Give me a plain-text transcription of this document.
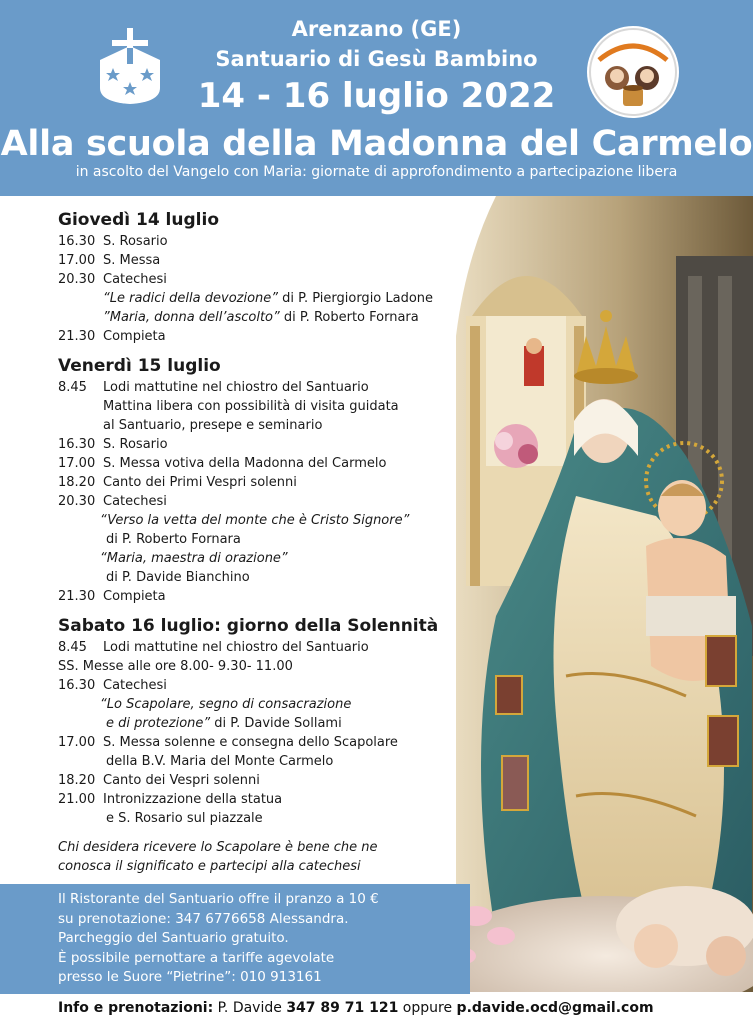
Arenzano (GE)
Santuario di Gesù Bambino
14 - 16 luglio 2022
Alla scuola della Madonna del Carmelo
in ascolto del Vangelo con Maria: giornate di approfondimento a partecipazione libera
Giovedì 14 luglio
16.30 S. Rosario
17.00 S. Messa
20.30 Catechesi
“Le radici della devozione” di P. Piergiorgio Ladone
”Maria, donna dell’ascolto” di P. Roberto Fornara
21.30 Compieta
Venerdì 15 luglio
8.45 Lodi mattutine nel chiostro del Santuario
Mattina libera con possibilità di visita guidata
al Santuario, presepe e seminario
16.30 S. Rosario
17.00 S. Messa votiva della Madonna del Carmelo
18.20 Canto dei Primi Vespri solenni
20.30 Catechesi
“Verso la vetta del monte che è Cristo Signore”
di P. Roberto Fornara
“Maria, maestra di orazione”
di P. Davide Bianchino
21.30 Compieta
Sabato 16 luglio: giorno della Solennità
8.45 Lodi mattutine nel chiostro del Santuario
SS. Messe alle ore 8.00- 9.30- 11.00
16.30 Catechesi
“Lo Scapolare, segno di consacrazione
e di protezione” di P. Davide Sollami
17.00 S. Messa solenne e consegna dello Scapolare
della B.V. Maria del Monte Carmelo
18.20 Canto dei Vespri solenni
21.00 Intronizzazione della statua
e S. Rosario sul piazzale
Chi desidera ricevere lo Scapolare è bene che ne
conosca il significato e partecipi alla catechesi
Il Ristorante del Santuario offre il pranzo a 10 €
su prenotazione: 347 6776658 Alessandra.
Parcheggio del Santuario gratuito.
È possibile pernottare a tariffe agevolate
presso le Suore “Pietrine”: 010 913161
Info e prenotazioni: P. Davide 347 89 71 121 oppure p.davide.ocd@gmail.com
